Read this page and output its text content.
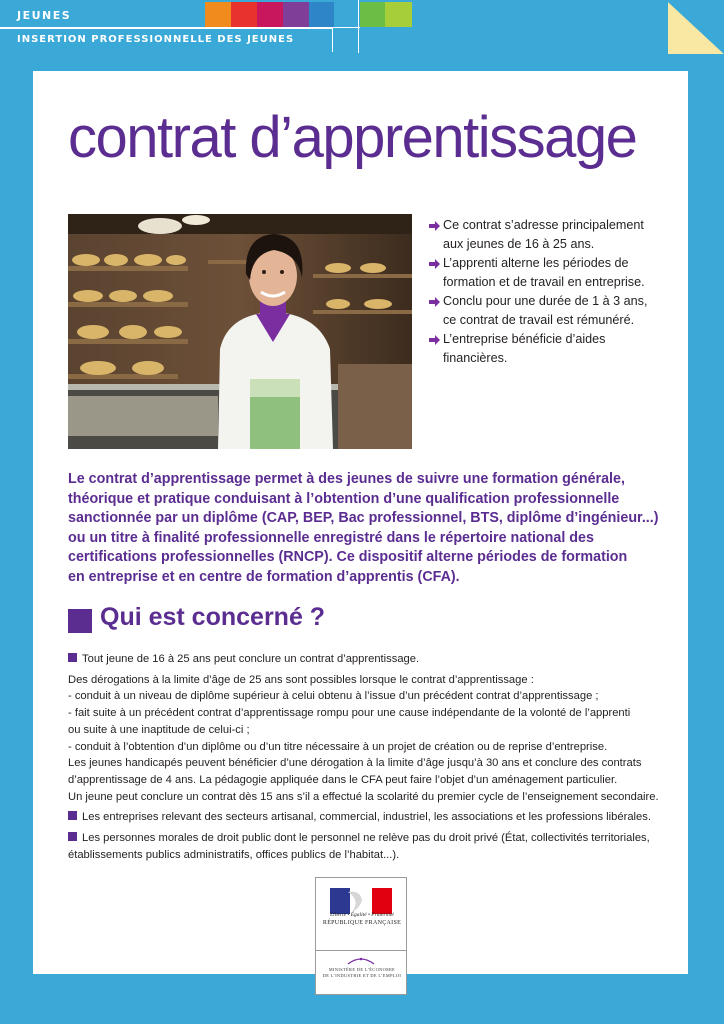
JEUNES
INSERTION PROFESSIONNELLE DES JEUNES
contrat d’apprentissage
Ce contrat s’adresse principalement
aux jeunes de 16 à 25 ans.
L’apprenti alterne les périodes de
formation et de travail en entreprise.
Conclu pour une durée de 1 à 3 ans,
ce contrat de travail est rémunéré.
L’entreprise bénéficie d’aides
financières.
Le contrat d’apprentissage permet à des jeunes de suivre une formation générale,
théorique et pratique conduisant à l’obtention d’une qualification professionnelle
sanctionnée par un diplôme (CAP, BEP, Bac professionnel, BTS, diplôme d’ingénieur...)
ou un titre à finalité professionnelle enregistré dans le répertoire national des
certifications professionnelles (RNCP). Ce dispositif alterne périodes de formation
en entreprise et en centre de formation d’apprentis (CFA).
Qui est concerné ?

Tout jeune de 16 à 25 ans peut conclure un contrat d’apprentissage.

Des dérogations à la limite d’âge de 25 ans sont possibles lorsque le contrat d’apprentissage :

- conduit à un niveau de diplôme supérieur à celui obtenu à l’issue d’un précédent contrat d’apprentissage ;

- fait suite à un précédent contrat d’apprentissage rompu pour une cause indépendante de la volonté de l’apprenti

ou suite à une inaptitude de celui-ci ;

- conduit à l’obtention d’un diplôme ou d’un titre nécessaire à un projet de création ou de reprise d’entreprise.

Les jeunes handicapés peuvent bénéficier d’une dérogation à la limite d’âge jusqu’à 30 ans et conclure des contrats

d’apprentissage de 4 ans. La pédagogie appliquée dans le CFA peut faire l’objet d’un aménagement particulier.

Un jeune peut conclure un contrat dès 15 ans s’il a effectué la scolarité du premier cycle de l’enseignement secondaire.

Les entreprises relevant des secteurs artisanal, commercial, industriel, les associations et les professions libérales.

Les personnes morales de droit public dont le personnel ne relève pas du droit privé (État, collectivités territoriales,

établissements publics administratifs, offices publics de l’habitat...).

Liberté • Égalité • Fraternité
RÉPUBLIQUE FRANÇAISE
MINISTÈRE DE L’ÉCONOMIE
DE L’INDUSTRIE ET DE L’EMPLOI
